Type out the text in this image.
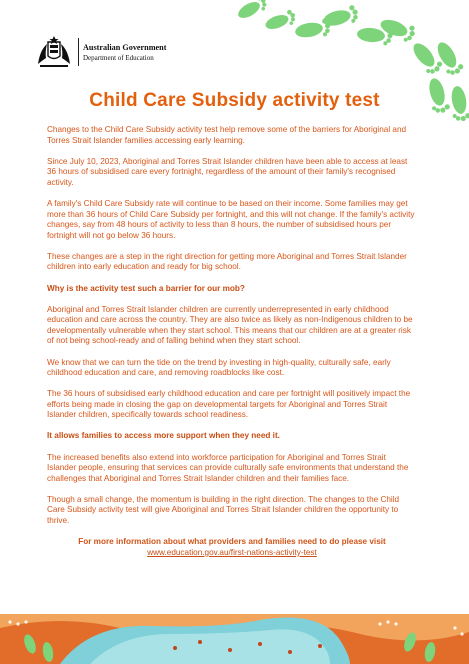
Australian Government
Department of Education
Child Care Subsidy activity test

Changes to the Child Care Subsidy activity test help remove some of the barriers for Aboriginal and Torres Strait Islander families accessing early learning.

Since July 10, 2023, Aboriginal and Torres Strait Islander children have been able to access at least 36 hours of subsidised care every fortnight, regardless of the amount of their family's recognised activity.

A family's Child Care Subsidy rate will continue to be based on their income. Some families may get more than 36 hours of Child Care Subsidy per fortnight, and this will not change. If the family's activity changes, say from 48 hours of activity to less than 8 hours, the number of subsidised hours per fortnight will not go below 36 hours.

These changes are a step in the right direction for getting more Aboriginal and Torres Strait Islander children into early education and ready for big school.

Why is the activity test such a barrier for our mob?

Aboriginal and Torres Strait Islander children are currently underrepresented in early childhood education and care across the country. They are also twice as likely as non-Indigenous children to be developmentally vulnerable when they start school. This means that our children are at a greater risk of not being school-ready and of falling behind when they start school.

We know that we can turn the tide on the trend by investing in high-quality, culturally safe, early childhood education and care, and removing roadblocks like cost.

The 36 hours of subsidised early childhood education and care per fortnight will positively impact the efforts being made in closing the gap on developmental targets for Aboriginal and Torres Strait Islander children, specifically towards school readiness.

It allows families to access more support when they need it.

The increased benefits also extend into workforce participation for Aboriginal and Torres Strait Islander people, ensuring that services can provide culturally safe environments that understand the challenges that Aboriginal and Torres Strait Islander children and their families face.

Though a small change, the momentum is building in the right direction. The changes to the Child Care Subsidy activity test will give Aboriginal and Torres Strait Islander children the opportunity to thrive.

For more information about what providers and families need to do please visit

www.education.gov.au/first-nations-activity-test
